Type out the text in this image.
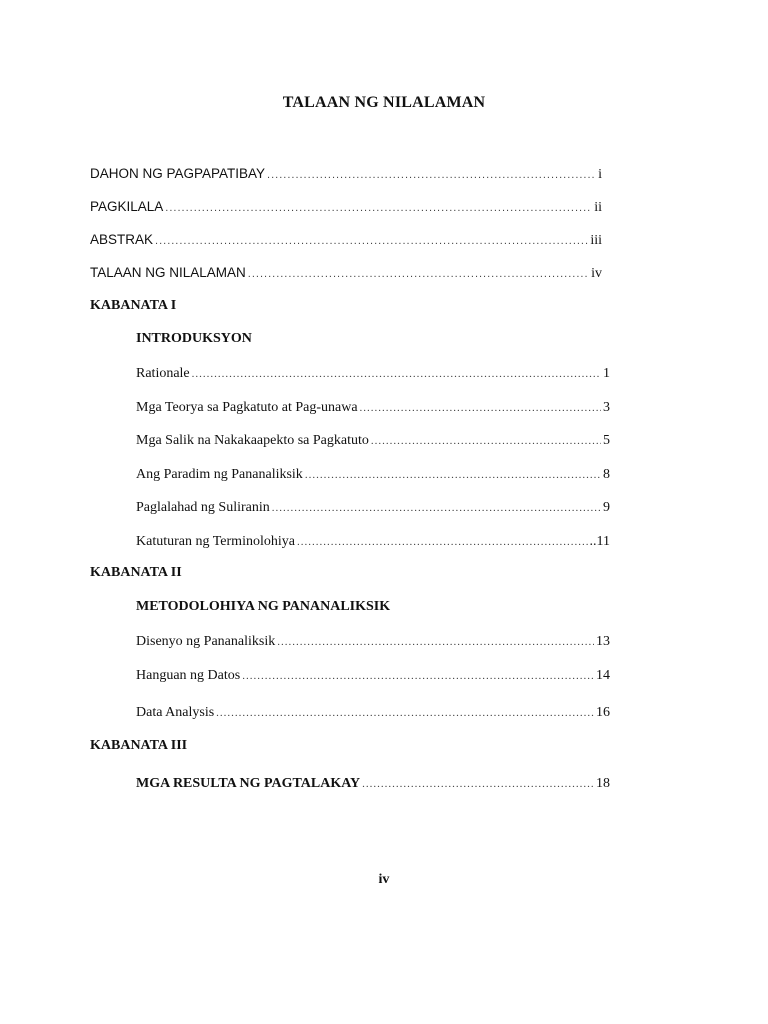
TALAAN NG NILALAMAN
DAHON NG PAGPAPATIBAY .....	i
PAGKILALA .....	ii
ABSTRAK .....	iii
TALAAN NG NILALAMAN .....	iv
KABANATA I
INTRODUKSYON
Rationale .....	1
Mga Teorya sa Pagkatuto at Pag-unawa .....	3
Mga Salik na Nakakaapekto sa Pagkatuto .....	5
Ang Paradim ng Pananaliksik .....	8
Paglalahad ng Suliranin .....	9
Katuturan ng Terminolohiya .....	..11
KABANATA II
METODOLOHIYA NG PANANALIKSIK
Disenyo ng Pananaliksik .....	13
Hanguan ng Datos .....	14
Data Analysis .....	16
KABANATA III
MGA RESULTA NG PAGTALAKAY .....	18
iv
